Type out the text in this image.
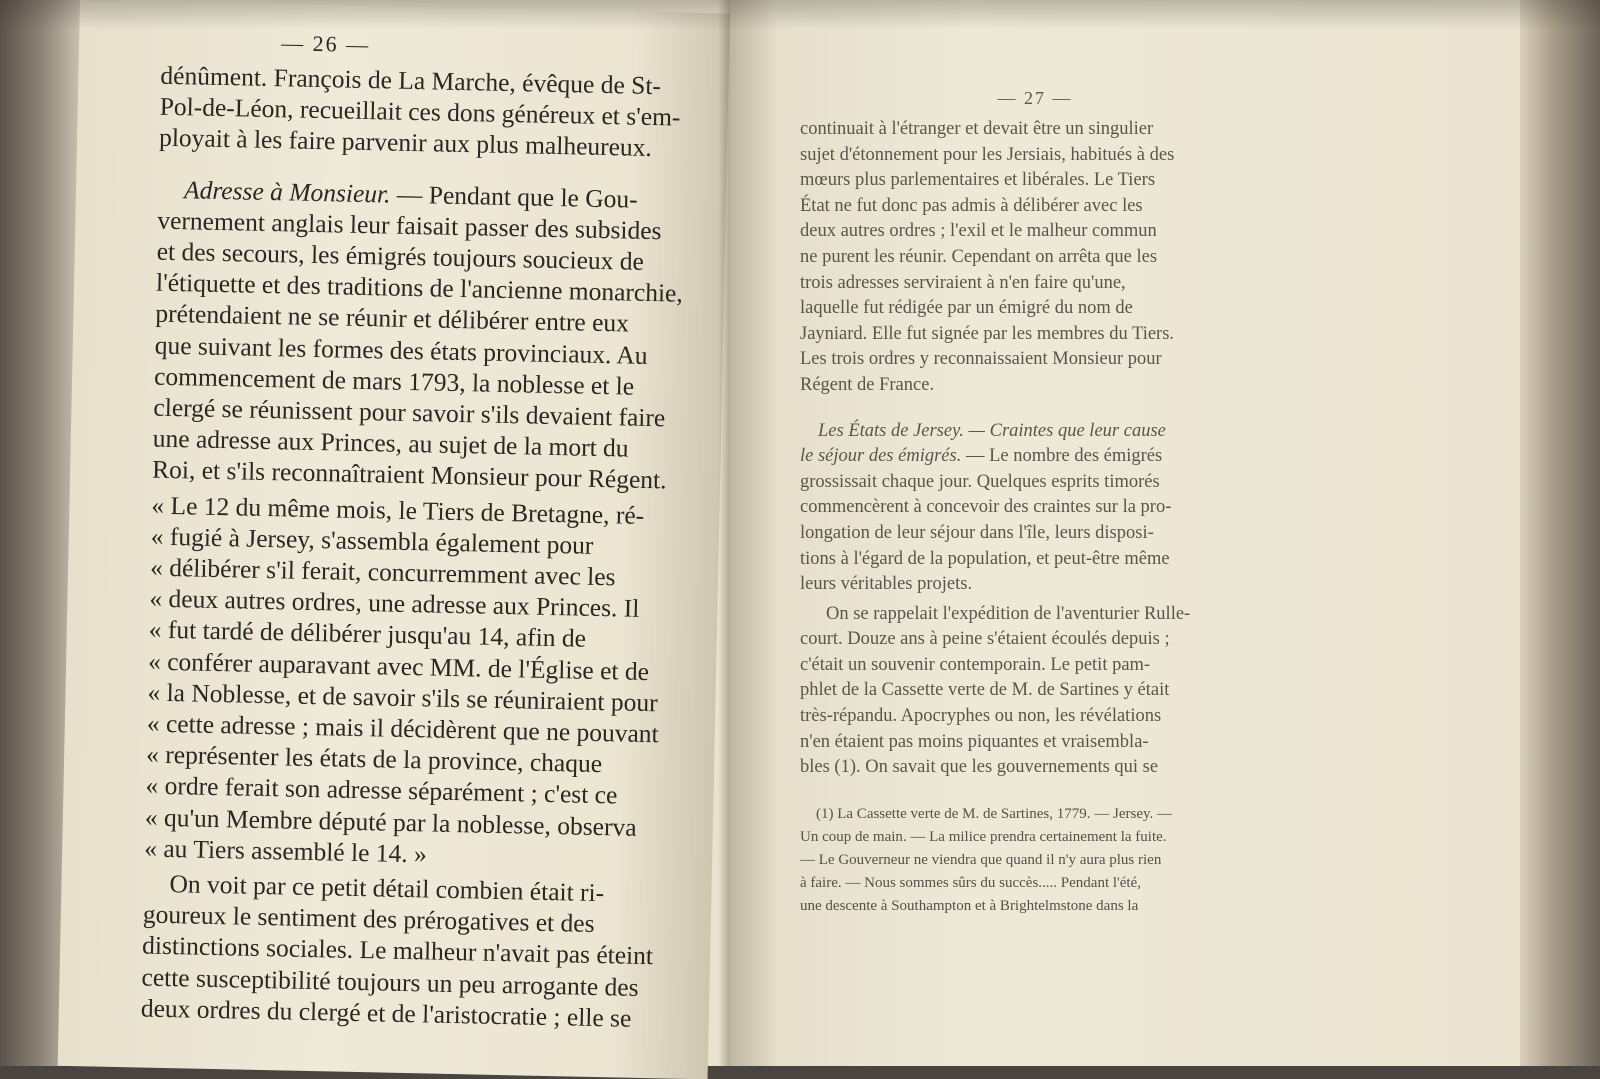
— 26 —

dénûment. François de La Marche, évêque de St-
Pol-de-Léon, recueillait ces dons généreux et s'em-
ployait à les faire parvenir aux plus malheureux.

Adresse à Monsieur. — Pendant que le Gou-
vernement anglais leur faisait passer des subsides
et des secours, les émigrés toujours soucieux de
l'étiquette et des traditions de l'ancienne monarchie,
prétendaient ne se réunir et délibérer entre eux
que suivant les formes des états provinciaux. Au
commencement de mars 1793, la noblesse et le
clergé se réunissent pour savoir s'ils devaient faire
une adresse aux Princes, au sujet de la mort du
Roi, et s'ils reconnaîtraient Monsieur pour Régent.

« Le 12 du même mois, le Tiers de Bretagne, ré-
« fugié à Jersey, s'assembla également pour
« délibérer s'il ferait, concurremment avec les
« deux autres ordres, une adresse aux Princes. Il
« fut tardé de délibérer jusqu'au 14, afin de
« conférer auparavant avec MM. de l'Église et de
« la Noblesse, et de savoir s'ils se réuniraient pour
« cette adresse ; mais il décidèrent que ne pouvant
« représenter les états de la province, chaque
« ordre ferait son adresse séparément ; c'est ce
« qu'un Membre député par la noblesse, observa
« au Tiers assemblé le 14. »

On voit par ce petit détail combien était ri-
goureux le sentiment des prérogatives et des
distinctions sociales. Le malheur n'avait pas éteint
cette susceptibilité toujours un peu arrogante des
deux ordres du clergé et de l'aristocratie ; elle se

— 27 —

continuait à l'étranger et devait être un singulier
sujet d'étonnement pour les Jersiais, habitués à des
mœurs plus parlementaires et libérales. Le Tiers
État ne fut donc pas admis à délibérer avec les
deux autres ordres ; l'exil et le malheur commun
ne purent les réunir. Cependant on arrêta que les
trois adresses serviraient à n'en faire qu'une,
laquelle fut rédigée par un émigré du nom de
Jayniard. Elle fut signée par les membres du Tiers.
Les trois ordres y reconnaissaient Monsieur pour
Régent de France.

Les États de Jersey. — Craintes que leur cause
le séjour des émigrés. — Le nombre des émigrés
grossissait chaque jour. Quelques esprits timorés
commencèrent à concevoir des craintes sur la pro-
longation de leur séjour dans l'île, leurs disposi-
tions à l'égard de la population, et peut-être même
leurs véritables projets.

On se rappelait l'expédition de l'aventurier Rulle-
court. Douze ans à peine s'étaient écoulés depuis ;
c'était un souvenir contemporain. Le petit pam-
phlet de la Cassette verte de M. de Sartines y était
très-répandu. Apocryphes ou non, les révélations
n'en étaient pas moins piquantes et vraisembla-
bles (1). On savait que les gouvernements qui se

(1) La Cassette verte de M. de Sartines, 1779. — Jersey. —
Un coup de main. — La milice prendra certainement la fuite.
— Le Gouverneur ne viendra que quand il n'y aura plus rien
à faire. — Nous sommes sûrs du succès..... Pendant l'été,
une descente à Southampton et à Brightelmstone dans la
